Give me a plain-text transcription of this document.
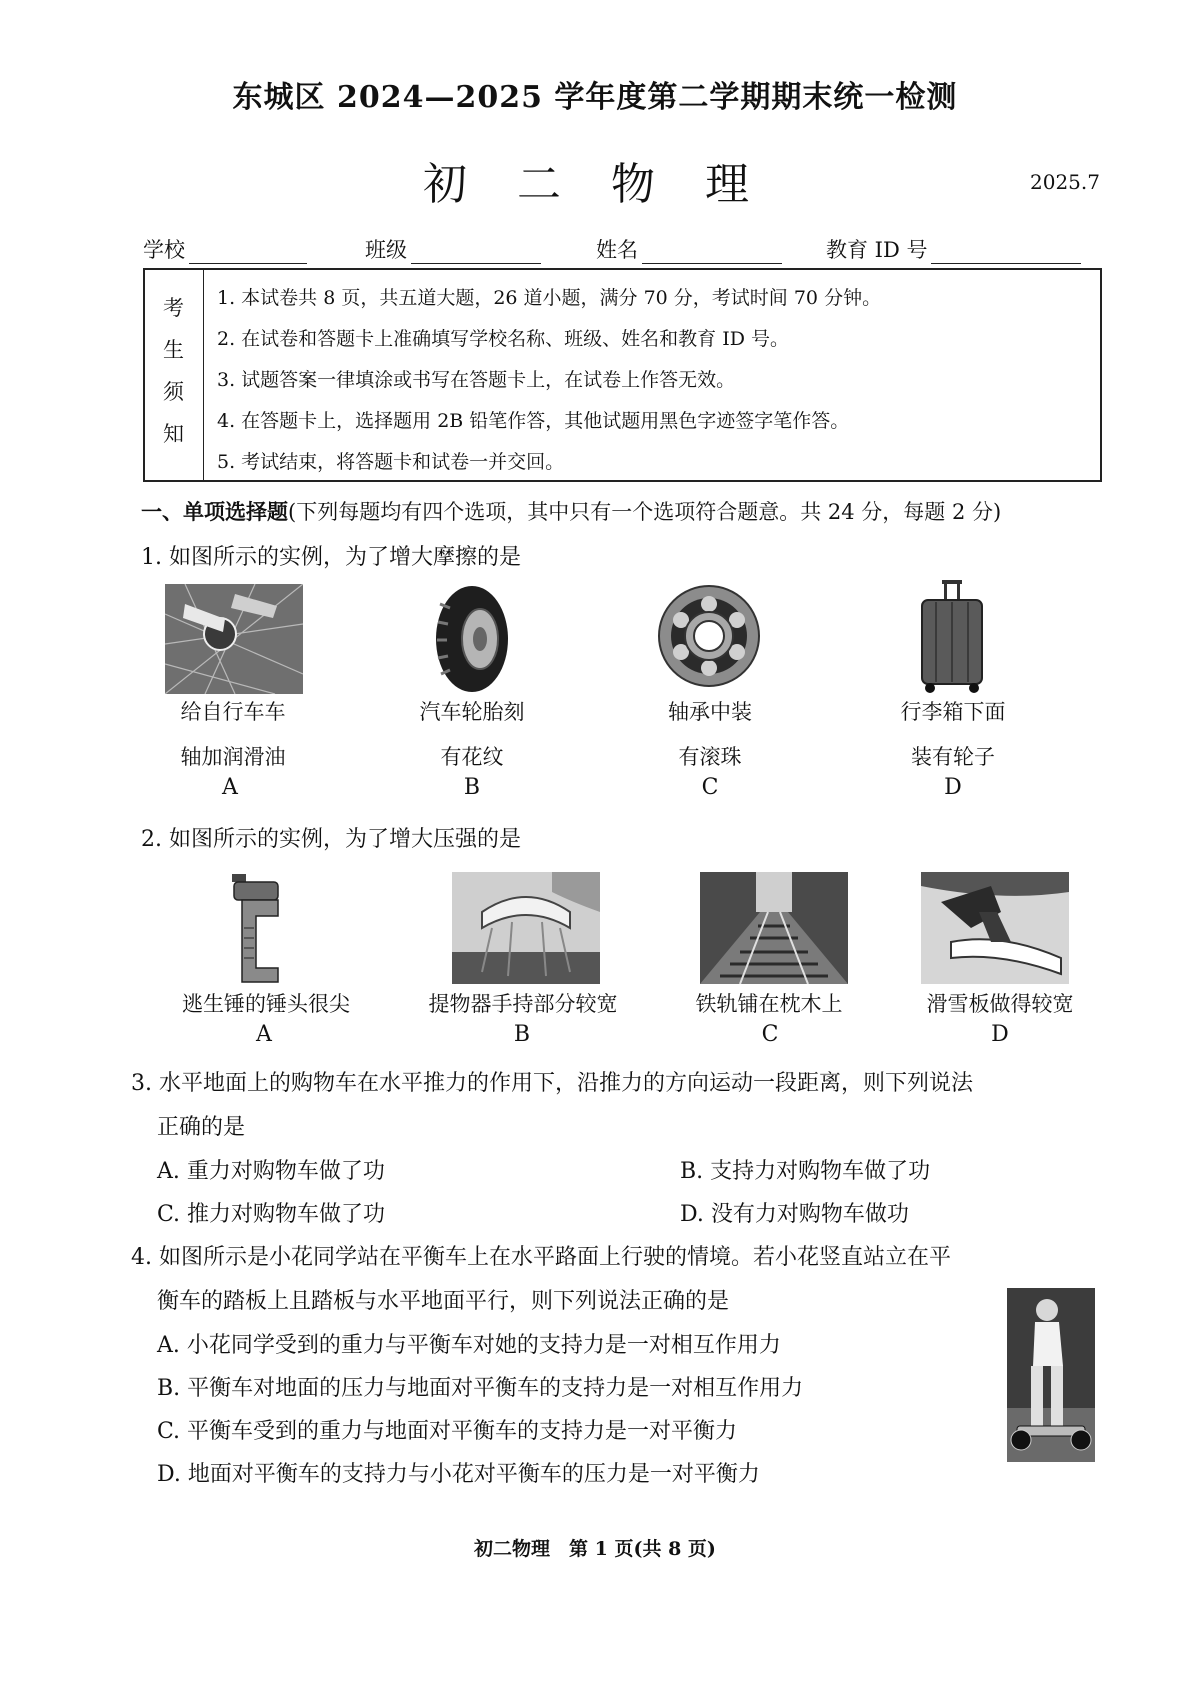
东城区 2024—2025 学年度第二学期期末统一检测
初 二 物 理	2025.7
学校	班级	姓名	教育 ID 号
考
生
须
知
1. 本试卷共 8 页，共五道大题，26 道小题，满分 70 分，考试时间 70 分钟。
2. 在试卷和答题卡上准确填写学校名称、班级、姓名和教育 ID 号。
3. 试题答案一律填涂或书写在答题卡上，在试卷上作答无效。
4. 在答题卡上，选择题用 2B 铅笔作答，其他试题用黑色字迹签字笔作答。
5. 考试结束，将答题卡和试卷一并交回。
一、单项选择题(下列每题均有四个选项，其中只有一个选项符合题意。共 24 分，每题 2 分)
1. 如图所示的实例，为了增大摩擦的是
给自行车车
轴加润滑油
A
汽车轮胎刻
有花纹
B
轴承中装
有滚珠
C
行李箱下面
装有轮子
D
2. 如图所示的实例，为了增大压强的是
逃生锤的锤头很尖
A
提物器手持部分较宽
B
铁轨铺在枕木上
C
滑雪板做得较宽
D
3. 水平地面上的购物车在水平推力的作用下，沿推力的方向运动一段距离，则下列说法
正确的是
A. 重力对购物车做了功	B. 支持力对购物车做了功
C. 推力对购物车做了功	D. 没有力对购物车做功
4. 如图所示是小花同学站在平衡车上在水平路面上行驶的情境。若小花竖直站立在平
衡车的踏板上且踏板与水平地面平行，则下列说法正确的是
A. 小花同学受到的重力与平衡车对她的支持力是一对相互作用力
B. 平衡车对地面的压力与地面对平衡车的支持力是一对相互作用力
C. 平衡车受到的重力与地面对平衡车的支持力是一对平衡力
D. 地面对平衡车的支持力与小花对平衡车的压力是一对平衡力
初二物理　第 1 页(共 8 页)
